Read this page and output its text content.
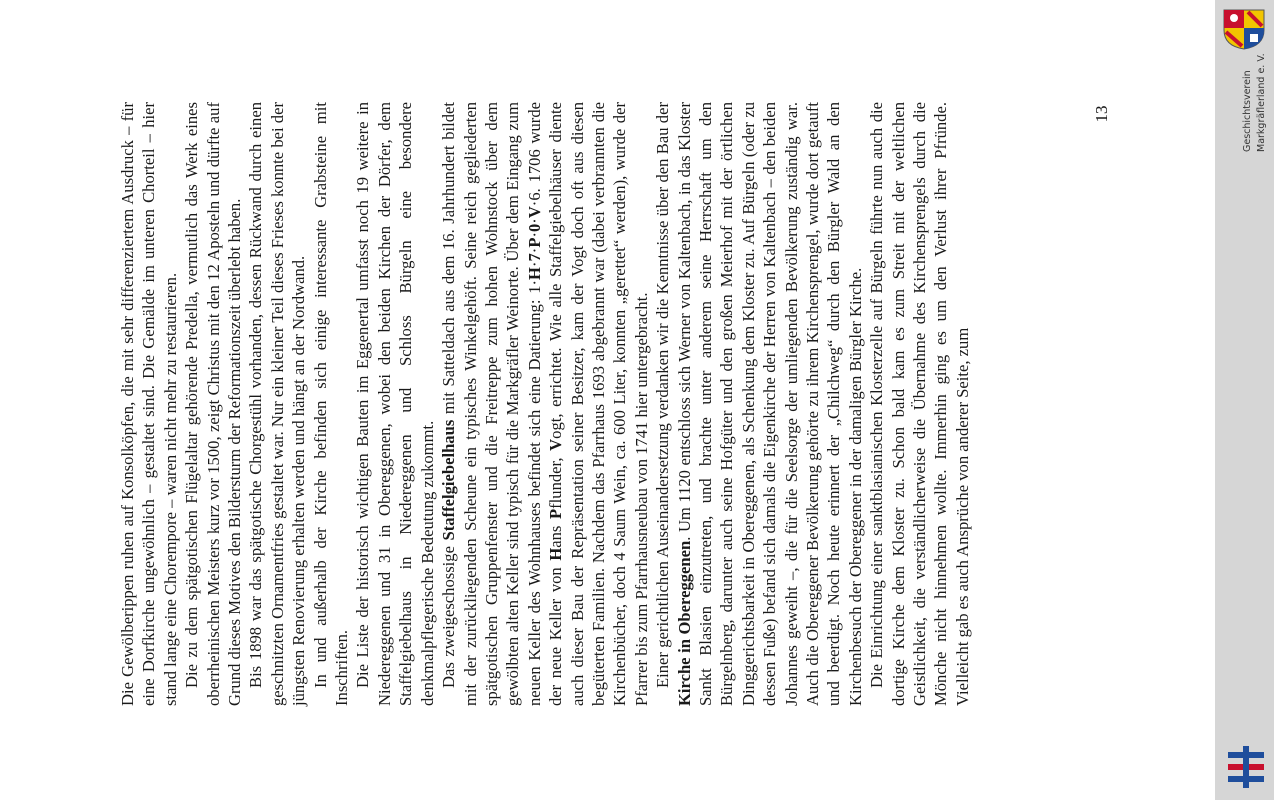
Die Gewölberippen ruhen auf Konsolköpfen, die mit sehr differenziertem Ausdruck – für eine Dorfkirche ungewöhnlich – gestaltet sind. Die Gemälde im unteren Chorteil – hier stand lange eine Chorempore – waren nicht mehr zu restaurieren. Die zu dem spätgotischen Flügelaltar gehörende Predella, vermutlich das Werk eines oberrheinischen Meisters kurz vor 1500, zeigt Christus mit den 12 Aposteln und dürfte auf Grund dieses Motives den Bildersturm der Reformationszeit überlebt haben. Bis 1898 war das spätgotische Chorgestühl vorhanden, dessen Rückwand durch einen geschnitzten Ornamentfries gestaltet war. Nur ein kleiner Teil dieses Frieses konnte bei der jüngsten Renovierung erhalten werden und hängt an der Nordwand. In und außerhalb der Kirche befinden sich einige interessante Grabsteine mit Inschriften. Die Liste der historisch wichtigen Bauten im Eggenertal umfasst noch 19 weitere in Niedereggenen und 31 in Obereggenen, wobei den beiden Kirchen der Dörfer, dem Staffelgiebelhaus in Niedereggenen und Schloss Bürgeln eine besondere denkmalpflegerische Bedeutung zukommt. Das zweigeschossige Staffelgiebelhaus mit Satteldach aus dem 16. Jahrhundert bildet mit der zurückliegenden Scheune ein typisches Winkelgehöft. Seine reich gegliederten spätgotischen Gruppenfenster und die Freitreppe zum hohen Wohnstock über dem gewölbten alten Keller sind typisch für die Markgräfler Weinorte. Über dem Eingang zum neuen Keller des Wohnhauses befindet sich eine Datierung: 1·H·7·P·0·V·6. 1706 wurde der neue Keller von Hans Pflunder, Vogt, errichtet. Wie alle Staffelgiebelhäuser diente auch dieser Bau der Repräsentation seiner Besitzer, kam der Vogt doch oft aus diesen begüterten Familien. Nachdem das Pfarrhaus 1693 abgebrannt war (dabei verbrannten die Kirchenbücher, doch 4 Saum Wein, ca. 600 Liter, konnten „gerettet“ werden), wurde der Pfarrer bis zum Pfarrhausneubau von 1741 hier untergebracht. Einer gerichtlichen Auseinandersetzung verdanken wir die Kenntnisse über den Bau der Kirche in Obereggenen. Um 1120 entschloss sich Werner von Kaltenbach, in das Kloster Sankt Blasien einzutreten, und brachte unter anderem seine Herrschaft um den Bürgelnberg, darunter auch seine Hofgüter und den großen Meierhof mit der örtlichen Dinggerichtsbarkeit in Obereggenen, als Schenkung dem Kloster zu. Auf Bürgeln (oder zu dessen Fuße) befand sich damals die Eigenkirche der Herren von Kaltenbach – den beiden Johannes geweiht –, die für die Seelsorge der umliegenden Bevölkerung zuständig war. Auch die Obereggener Bevölkerung gehörte zu ihrem Kirchensprengel, wurde dort getauft und beerdigt. Noch heute erinnert der „Chilchweg“ durch den Bürgler Wald an den Kirchenbesuch der Obereggener in der damaligen Bürgler Kirche. Die Einrichtung einer sanktblasianischen Klosterzelle auf Bürgeln führte nun auch die dortige Kirche dem Kloster zu. Schon bald kam es zum Streit mit der weltlichen Geistlichkeit, die verständlicherweise die Übernahme des Kirchensprengels durch die Mönche nicht hinnehmen wollte. Immerhin ging es um den Verlust ihrer Pfründe. Vielleicht gab es auch Ansprüche von anderer Seite, zum

13	Geschichtsverein Markgräflerland e. V.
